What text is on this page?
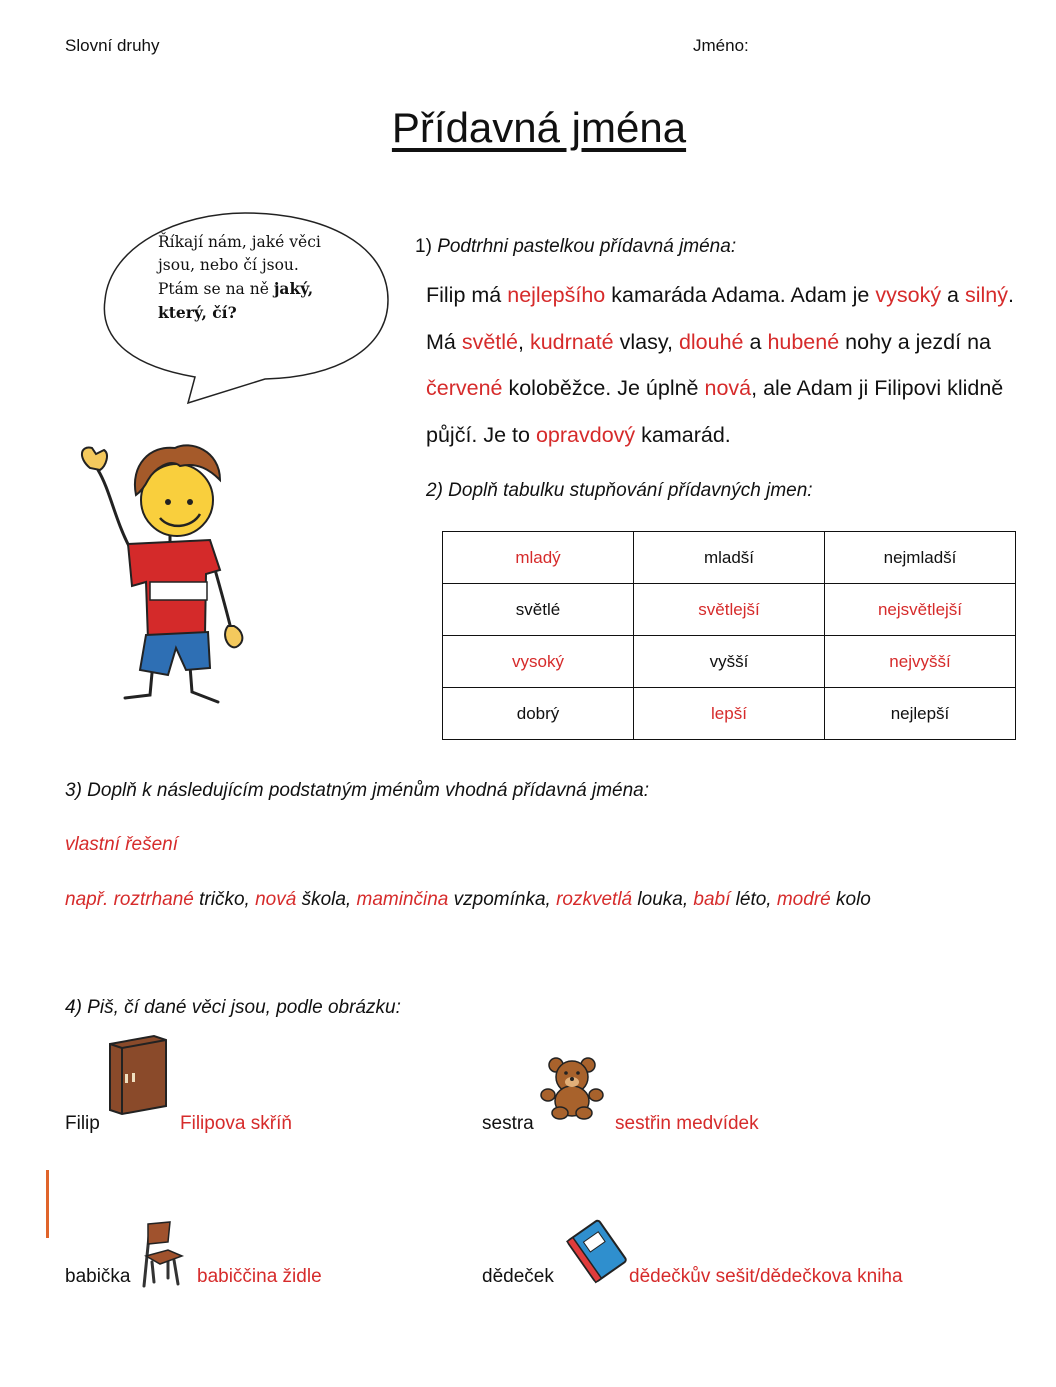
Slovní druhy	Jméno:
Přídavná jména
Říkají nám, jaké věci jsou, nebo čí jsou. Ptám se na ně jaký, který, čí?
1) Podtrhni pastelkou přídavná jména:
Filip má nejlepšího kamaráda Adama. Adam je vysoký a silný. Má světlé, kudrnaté vlasy, dlouhé a hubené nohy a jezdí na červené koloběžce. Je úplně nová, ale Adam ji Filipovi klidně půjčí. Je to opravdový kamarád.
2) Doplň tabulku stupňování přídavných jmen:
mladý	mladší	nejmladší
světlé	světlejší	nejsvětlejší
vysoký	vyšší	nejvyšší
dobrý	lepší	nejlepší
3) Doplň k následujícím podstatným jménům vhodná přídavná jména:
vlastní řešení
např. roztrhané tričko, nová škola, maminčina vzpomínka, rozkvetlá louka, babí léto, modré kolo
4) Piš, čí dané věci jsou, podle obrázku:
Filip	Filipova skříň	sestra	sestřin medvídek
babička	babiččina židle	dědeček	dědečkův sešit/dědečkova kniha
